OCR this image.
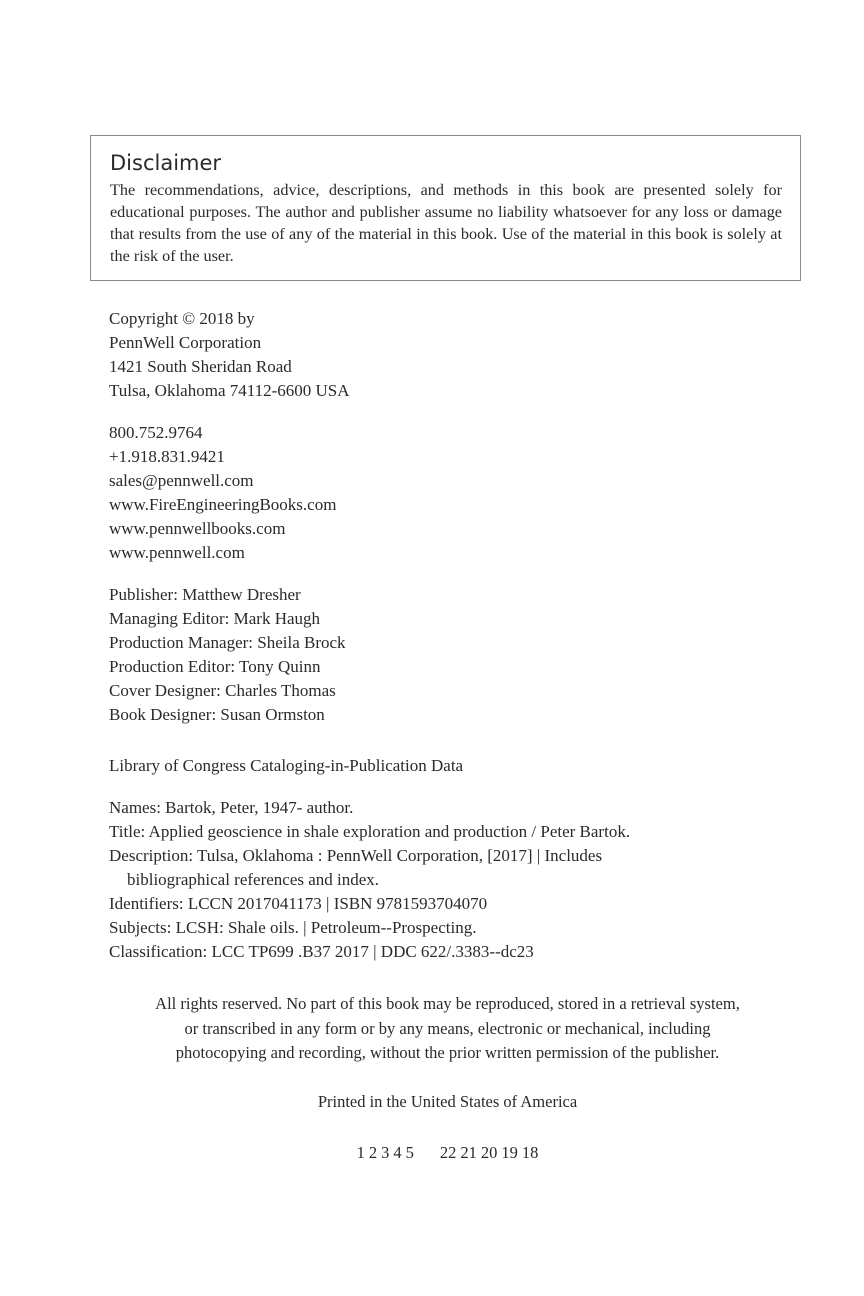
Disclaimer

The recommendations, advice, descriptions, and methods in this book are presented solely for educational purposes. The author and publisher assume no liability whatsoever for any loss or damage that results from the use of any of the material in this book. Use of the material in this book is solely at the risk of the user.

Copyright © 2018 by
PennWell Corporation
1421 South Sheridan Road
Tulsa, Oklahoma 74112-6600 USA
800.752.9764
+1.918.831.9421
sales@pennwell.com
www.FireEngineeringBooks.com
www.pennwellbooks.com
www.pennwell.com
Publisher: Matthew Dresher
Managing Editor: Mark Haugh
Production Manager: Sheila Brock
Production Editor: Tony Quinn
Cover Designer: Charles Thomas
Book Designer: Susan Ormston
Library of Congress Cataloging-in-Publication Data
Names: Bartok, Peter, 1947- author.
Title: Applied geoscience in shale exploration and production / Peter Bartok.
Description: Tulsa, Oklahoma : PennWell Corporation, [2017] | Includes
bibliographical references and index.
Identifiers: LCCN 2017041173 | ISBN 9781593704070
Subjects: LCSH: Shale oils. | Petroleum--Prospecting.
Classification: LCC TP699 .B37 2017 | DDC 622/.3383--dc23
All rights reserved. No part of this book may be reproduced, stored in a retrieval system,
or transcribed in any form or by any means, electronic or mechanical, including
photocopying and recording, without the prior written permission of the publisher.
Printed in the United States of America
1 2 3 4 5 22 21 20 19 18
